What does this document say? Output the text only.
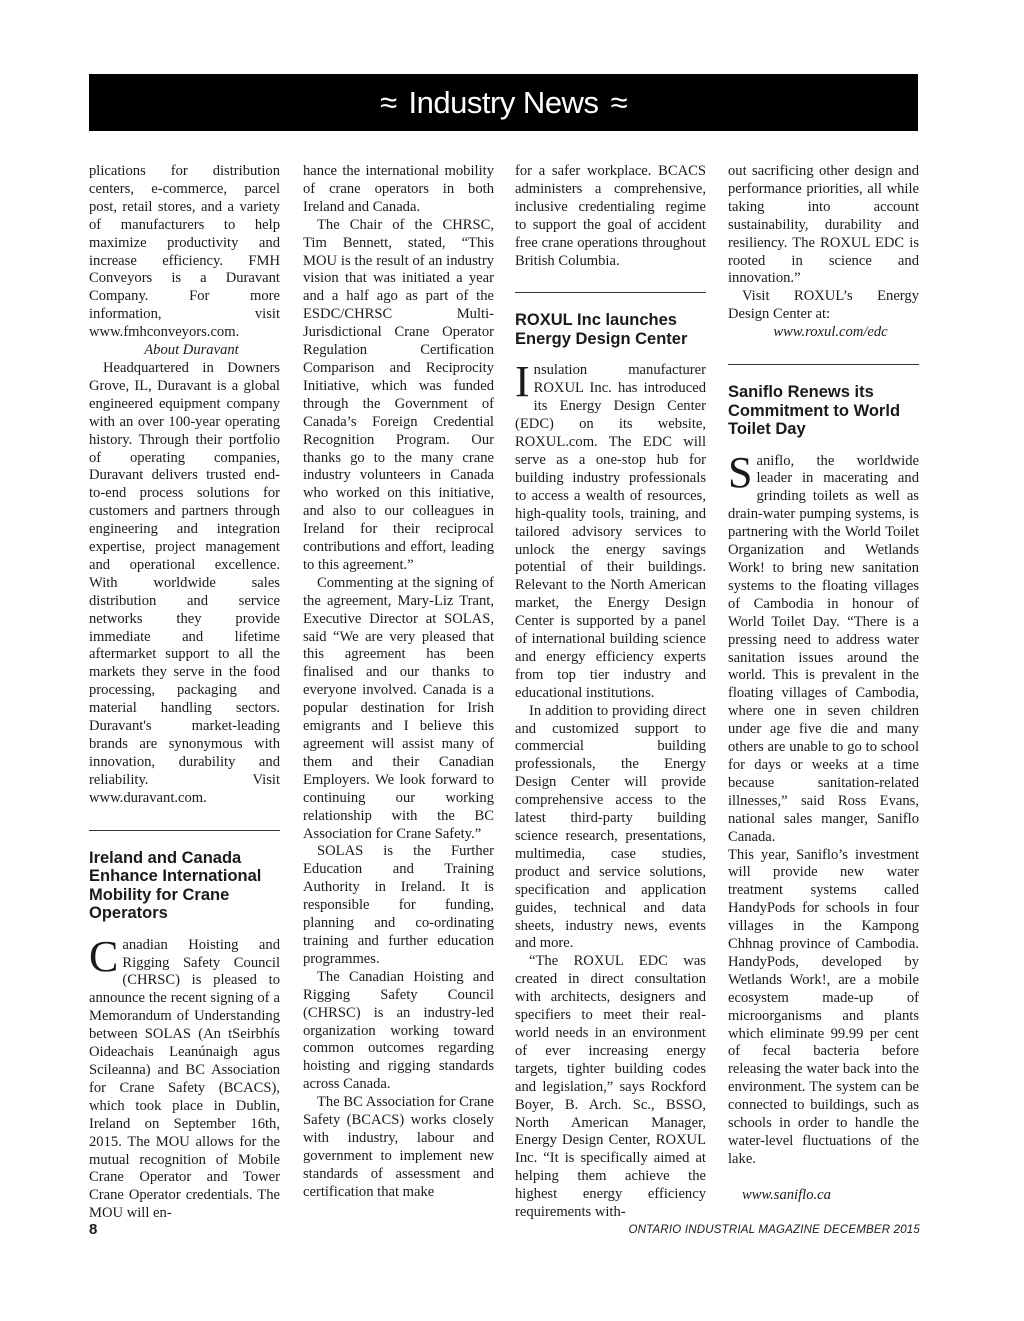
≈ Industry News ≈

plications for distribution centers, e-commerce, parcel post, retail stores, and a variety of manufacturers to help maximize productivity and increase efficiency. FMH Conveyors is a Duravant Company. For more information, visit www.fmhconveyors.com.

About Duravant

Headquartered in Downers Grove, IL, Duravant is a global engineered equipment company with an over 100-year operating history. Through their portfolio of operating companies, Duravant delivers trusted end-to-end process solutions for customers and partners through engineering and integration expertise, project management and operational excellence. With worldwide sales distribution and service networks they provide immediate and lifetime aftermarket support to all the markets they serve in the food processing, packaging and material handling sectors. Duravant's market-leading brands are synonymous with innovation, durability and reliability. Visit www.duravant.com.

Ireland and Canada Enhance International Mobility for Crane Operators

Canadian Hoisting and Rigging Safety Council (CHRSC) is pleased to announce the recent signing of a Memorandum of Understanding between SOLAS (An tSeirbhís Oideachais Leanúnaigh agus Scileanna) and BC Association for Crane Safety (BCACS), which took place in Dublin, Ireland on September 16th, 2015. The MOU allows for the mutual recognition of Mobile Crane Operator and Tower Crane Operator credentials. The MOU will en-

hance the international mobility of crane operators in both Ireland and Canada.

The Chair of the CHRSC, Tim Bennett, stated, “This MOU is the result of an industry vision that was initiated a year and a half ago as part of the ESDC/CHRSC Multi-Jurisdictional Crane Operator Regulation Certification Comparison and Reciprocity Initiative, which was funded through the Government of Canada’s Foreign Credential Recognition Program. Our thanks go to the many crane industry volunteers in Canada who worked on this initiative, and also to our colleagues in Ireland for their reciprocal contributions and effort, leading to this agreement.”

Commenting at the signing of the agreement, Mary-Liz Trant, Executive Director at SOLAS, said “We are very pleased that this agreement has been finalised and our thanks to everyone involved. Canada is a popular destination for Irish emigrants and I believe this agreement will assist many of them and their Canadian Employers. We look forward to continuing our working relationship with the BC Association for Crane Safety.”

SOLAS is the Further Education and Training Authority in Ireland. It is responsible for funding, planning and co-ordinating training and further education programmes.

The Canadian Hoisting and Rigging Safety Council (CHRSC) is an industry-led organization working toward common outcomes regarding hoisting and rigging standards across Canada.

The BC Association for Crane Safety (BCACS) works closely with industry, labour and government to implement new standards of assessment and certification that make

for a safer workplace. BCACS administers a comprehensive, inclusive credentialing regime to support the goal of accident free crane operations throughout British Columbia.

ROXUL Inc launches Energy Design Center

Insulation manufacturer ROXUL Inc. has introduced its Energy Design Center (EDC) on its website, ROXUL.com. The EDC will serve as a one-stop hub for building industry professionals to access a wealth of resources, high-quality tools, training, and tailored advisory services to unlock the energy savings potential of their buildings. Relevant to the North American market, the Energy Design Center is supported by a panel of international building science and energy efficiency experts from top tier industry and educational institutions.

In addition to providing direct and customized support to commercial building professionals, the Energy Design Center will provide comprehensive access to the latest third-party building science research, presentations, multimedia, case studies, product and service solutions, specification and application guides, technical and data sheets, industry news, events and more.

“The ROXUL EDC was created in direct consultation with architects, designers and specifiers to meet their real-world needs in an environment of ever increasing energy targets, tighter building codes and legislation,” says Rockford Boyer, B. Arch. Sc., BSSO, North American Manager, Energy Design Center, ROXUL Inc. “It is specifically aimed at helping them achieve the highest energy efficiency requirements with-

out sacrificing other design and performance priorities, all while taking into account sustainability, durability and resiliency. The ROXUL EDC is rooted in science and innovation.”

Visit ROXUL’s Energy Design Center at:

www.roxul.com/edc

Saniflo Renews its Commitment to World Toilet Day

Saniflo, the worldwide leader in macerating and grinding toilets as well as drain-water pumping systems, is partnering with the World Toilet Organization and Wetlands Work! to bring new sanitation systems to the floating villages of Cambodia in honour of World Toilet Day. “There is a pressing need to address water sanitation issues around the world. This is prevalent in the floating villages of Cambodia, where one in seven children under age five die and many others are unable to go to school for days or weeks at a time because sanitation-related illnesses,” said Ross Evans, national sales manger, Saniflo Canada.

This year, Saniflo’s investment will provide new water treatment systems called HandyPods for schools in four villages in the Kampong Chhnag province of Cambodia. HandyPods, developed by Wetlands Work!, are a mobile ecosystem made-up of microorganisms and plants which eliminate 99.99 per cent of fecal bacteria before releasing the water back into the environment. The system can be connected to buildings, such as schools in order to handle the water-level fluctuations of the lake.

www.saniflo.ca

8	ONTARIO INDUSTRIAL MAGAZINE DECEMBER 2015
